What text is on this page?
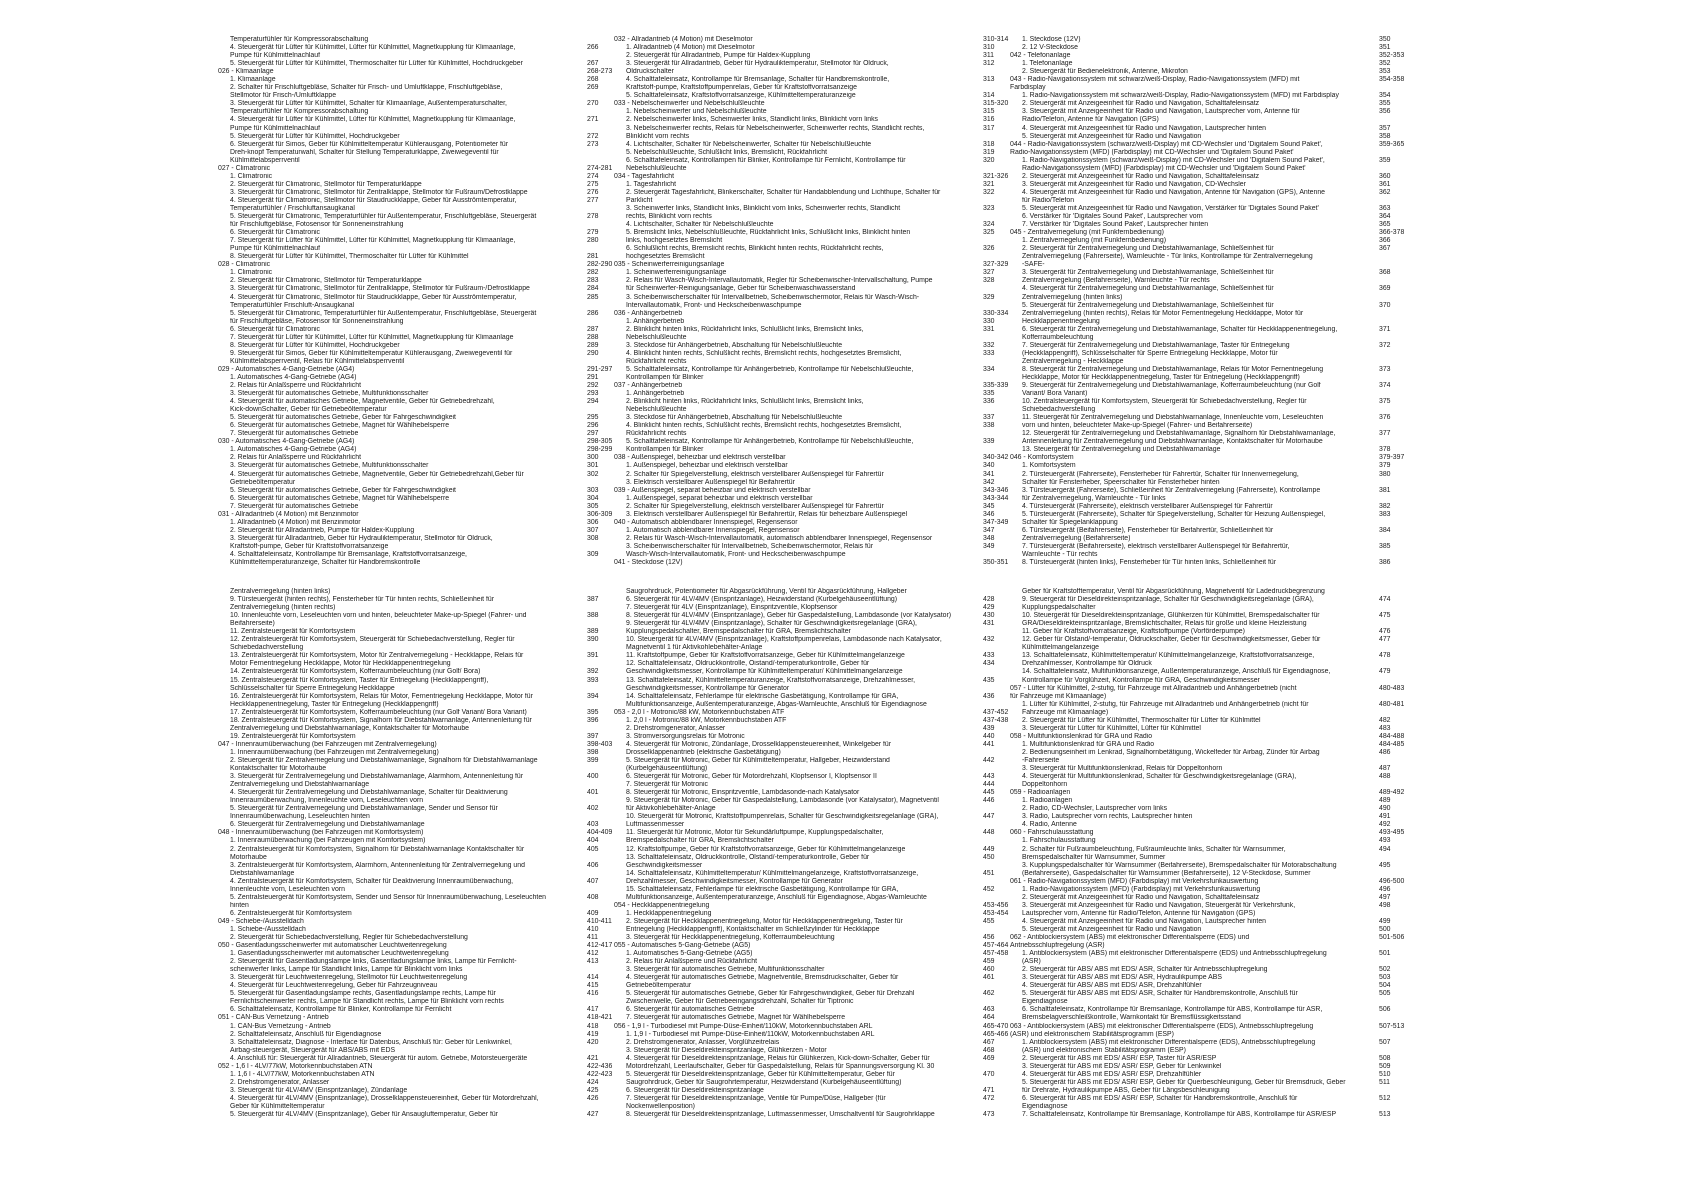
Temperaturfühler für Kompressorabschaltung
4. Steuergerät für Lüfter für Kühlmittel, Lüfter für Kühlmittel, Magnetkupplung für Klimaanlage,	266
Pumpe für Kühlmittelnachlauf
5. Steuergerät für Lüfter für Kühlmittel, Thermoschalter für Lüfter für Kühlmittel, Hochdruckgeber	267
026 - Klimaanlage	268-273
1. Klimaanlage	268
2. Schalter für Frischluftgebläse, Schalter für Frisch- und Umluftklappe, Frischluftgebläse,	269
Stellmotor für Frisch-/Umluftklappe
3. Steuergerät für Lüfter für Kühlmittel, Schalter für Klimaanlage, Außentemperaturschalter,	270
Temperaturfühler für Kompressorabschaltung
4. Steuergerät für Lüfter für Kühlmittel, Lüfter für Kühlmittel, Magnetkupplung für Klimaanlage,	271
Pumpe für Kühlmittelnachlauf
5. Steuergerät für Lüfter für Kühlmittel, Hochdruckgeber	272
6. Steuergerät für Simos, Geber für Kühlmitteltemperatur Kühlerausgang, Potentiometer für	273
Dreh-knopf Temperaturwahl, Schalter für Stellung Temperaturklappe, Zweiwegeventil für
Kühlmittelabsperrventil
027 - Climatronic	274-281
1. Climatronic	274
2. Steuergerät für Climatronic, Stellmotor für Temperaturklappe	275
3. Steuergerät für Climatronic, Stellmotor für Zentralklappe, Stellmotor für Fußraum/Defrostklappe	276
4. Steuergerät für Climatronic, Stellmotor für Staudruckklappe, Geber für Ausströmtemperatur,	277
Temperaturfühler / Frischluftansaugkanal
5. Steuergerät für Climatronic, Temperaturfühler für Außentemperatur, Frischluftgebläse, Steuergerät	278
für Frischluftgebläse, Fotosensor für Sonneneinstrahlung
6. Steuergerät für Climatronic	279
7. Steuergerät für Lüfter für Kühlmittel, Lüfter für Kühlmittel, Magnetkupplung für Klimaanlage,	280
Pumpe für Kühlmittelnachlauf
8. Steuergerät für Lüfter für Kühlmittel, Thermoschalter für Lüfter für Kühlmittel	281
028 - Climatronic	282-290
1. Climatronic	282
2. Steuergerät für Climatronic, Stellmotor für Temperaturklappe	283
3. Steuergerät für Climatronic, Stellmotor für Zentralklappe, Stellmotor für Fußraum-/Defrostklappe	284
4. Steuergerät für Climatronic, Stellmotor für Staudruckklappe, Geber für Ausströmtemperatur,	285
Temperaturfühler Frischluft-Ansaugkanal
5. Steuergerät für Climatronic, Temperaturfühler für Außentemperatur, Frischluftgebläse, Steuergerät	286
für Frischluftgebläse, Fotosensor für Sonneneinstrahlung
6. Steuergerät für Climatronic	287
7. Steuergerät für Lüfter für Kühlmittel, Lüfter für Kühlmittel, Magnetkupplung für Klimaanlage	288
8. Steuergerät für Lüfter für Kühlmittel, Hochdruckgeber	289
9. Steuergerät für Simos, Geber für Kühlmitteltemperatur Kühlerausgang, Zweiwegeventil für	290
Kühlmittelabsperrventil, Relais für Kühlmittelabsperrventil
029 - Automatisches 4-Gang-Getriebe (AG4)	291-297
1. Automatisches 4-Gang-Getriebe (AG4)	291
2. Relais für Anlaßsperre und Rückfahrlicht	292
3. Steuergerät für automatisches Getriebe, Multifunktionsschalter	293
4. Steuergerät für automatisches Getriebe, Magnetventile, Geber für Getriebedrehzahl,	294
Kick-downSchalter, Geber für Getriebeöltemperatur
5. Steuergerät für automatisches Getriebe, Geber für Fahrgeschwindigkeit	295
6. Steuergerät für automatisches Getriebe, Magnet für Wählhebelsperre	296
7. Steuergerät für automatisches Getriebe	297
030 - Automatisches 4-Gang-Getriebe (AG4)	298-305
1. Automatisches 4-Gang-Getriebe (AG4)	298-299
2. Relais für Anlaßsperre und Rückfahrlicht	300
3. Steuergerät für automatisches Getriebe, Multifunktionsschalter	301
4. Steuergerät für automatisches Getriebe, Magnetventile, Geber für Getriebedrehzahl,Geber für	302
Getriebeöltemperatur
5. Steuergerät für automatisches Getriebe, Geber für Fahrgeschwindigkeit	303
6. Steuergerät für automatisches Getriebe, Magnet für Wählhebelsperre	304
7. Steuergerät für automatisches Getriebe	305
031 - Allradantrieb (4 Motion) mit Benzinmotor	306-309
1. Allradantrieb (4 Motion) mit Benzinmotor	306
2. Steuergerät für Allradantrieb, Pumpe für Haldex-Kupplung	307
3. Steuergerät für Allradantrieb, Geber für Hydrauliktemperatur, Stellmotor für Öldruck,	308
Kraftstoff-pumpe, Geber für Kraftstoffvorratsanzeige
4. Schalttafeleinsatz, Kontrollampe für Bremsanlage, Kraftstoffvorratsanzeige,	309
Kühlmitteltemperaturanzeige, Schalter für Handbremskontrolle
032 - Allradantrieb (4 Motion) mit Dieselmotor	310-314
1. Allradantrieb (4 Motion) mit Dieselmotor	310
2. Steuergerät für Allradantrieb, Pumpe für Haldex-Kupplung	311
3. Steuergerät für Allradantrieb, Geber für Hydrauliktemperatur, Stellmotor für Öldruck,	312
Öldruckschalter
4. Schalttafeleinsatz, Kontrollampe für Bremsanlage, Schalter für Handbremskontrolle,	313
Kraftstoff-pumpe, Kraftstoffpumpenrelais, Geber für Kraftstoffvorratsanzeige
5. Schalttafeleinsatz, Kraftstoffvorratsanzeige, Kühlmitteltemperaturanzeige	314
033 - Nebelscheinwerfer und Nebelschlußleuchte	315-320
1. Nebelscheinwerfer und Nebelschlußleuchte	315
2. Nebelscheinwerfer links, Scheinwerfer links, Standlicht links, Blinklicht vorn links	316
3. Nebelscheinwerfer rechts, Relais für Nebelscheinwerfer, Scheinwerfer rechts, Standlicht rechts,	317
Blinklicht vorn rechts
4. Lichtschalter, Schalter für Nebelscheinwerfer, Schalter für Nebelschlußleuchte	318
5. Nebelschlußleuchte, Schlußlicht links, Bremslicht, Rückfahrlicht	319
6. Schalttafeleinsatz, Kontrollampen für Blinker, Kontrollampe für Fernlicht, Kontrollampe für	320
Nebelschlußleuchte
034 - Tagesfahrlicht	321-326
1. Tagesfahrlicht	321
2. Steuergerät Tagesfahrlicht, Blinkerschalter, Schalter für Handabblendung und Lichthupe, Schalter für	322
Parklicht
3. Scheinwerfer links, Standlicht links, Blinklicht vorn links, Scheinwerfer rechts, Standlicht	323
rechts, Blinklicht vorn rechts
4. Lichtschalter, Schalter für Nebelschlußleuchte	324
5. Bremslicht links, Nebelschlußleuchte, Rückfahrlicht links, Schlußlicht links, Blinklicht hinten	325
links, hochgesetztes Bremslicht
6. Schlußlicht rechts, Bremslicht rechts, Blinklicht hinten rechts, Rückfahrlicht rechts,	326
hochgesetztes Bremslicht
035 - Scheinwerferreinigungsanlage	327-329
1. Scheinwerferreinigungsanlage	327
2. Relais für Wasch-Wisch-Intervallautomatik, Regler für Scheibenwischer-Intervallschaltung, Pumpe	328
für Scheinwerfer-Reinigungsanlage, Geber für Scheibenwaschwasserstand
3. Scheibenwischerschalter für Intervallbetrieb, Scheibenwischermotor, Relais für Wasch-Wisch-	329
Intervallautomatik, Front- und Heckscheibenwaschpumpe
036 - Anhängerbetrieb	330-334
1. Anhängerbetrieb	330
2. Blinklicht hinten links, Rückfahrlicht links, Schlußlicht links, Bremslicht links,	331
Nebelschlußleuchte
3. Steckdose für Anhängerbetrieb, Abschaltung für Nebelschlußleuchte	332
4. Blinklicht hinten rechts, Schlußlicht rechts, Bremslicht rechts, hochgesetztes Bremslicht,	333
Rückfahrlicht rechts
5. Schalttafeleinsatz, Kontrollampe für Anhängerbetrieb, Kontrollampe für Nebelschlußleuchte,	334
Kontrollampen für Blinker
037 - Anhängerbetrieb	335-339
1. Anhängerbetrieb	335
2. Blinklicht hinten links, Rückfahrlicht links, Schlußlicht links, Bremslicht links,	336
Nebelschlußleuchte
3. Steckdose für Anhängerbetrieb, Abschaltung für Nebelschlußleuchte	337
4. Blinklicht hinten rechts, Schlußlicht rechts, Bremslicht rechts, hochgesetztes Bremslicht,	338
Rückfahrlicht rechts
5. Schalttafeleinsatz, Kontrollampe für Anhängerbetrieb, Kontrollampe für Nebelschlußleuchte,	339
Kontrollampen für Blinker
038 - Außenspiegel, beheizbar und elektrisch verstellbar	340-342
1. Außenspiegel, beheizbar und elektrisch verstellbar	340
2. Schalter für Spiegelverstellung, elektrisch verstellbarer Außenspiegel für Fahrertür	341
3. Elektrisch verstellbarer Außenspiegel für Beifahrertür	342
039 - Außenspiegel, separat beheizbar und elektrisch verstellbar	343-346
1. Außenspiegel, separat beheizbar und elektrisch verstellbar	343-344
2. Schalter für Spiegelverstellung, elektrisch verstellbarer Außenspiegel für Fahrertür	345
3. Elektrisch verstellbarer Außenspiegel für Beifahrertür, Relais für beheizbare Außenspiegel	346
040 - Automatisch abblendbarer Innenspiegel, Regensensor	347-349
1. Automatisch abblendbarer Innenspiegel, Regensensor	347
2. Relais für Wasch-Wisch-Intervallautomatik, automatisch abblendbarer Innenspiegel, Regensensor	348
3. Scheibenwischerschalter für Intervallbetrieb, Scheibenwischermotor, Relais für	349
Wasch-Wisch-Intervallautomatik, Front- und Heckscheibenwaschpumpe
041 - Steckdose (12V)	350-351
1. Steckdose (12V)	350
2. 12 V-Steckdose	351
042 - Telefonanlage	352-353
1. Telefonanlage	352
2. Steuergerät für Bedienelektronik, Antenne, Mikrofon	353
043 - Radio-Navigationssystem mit schwarz/weiß-Display, Radio-Navigationssystem (MFD) mit	354-358
Farbdisplay
1. Radio-Navigationssystem mit schwarz/weiß-Display, Radio-Navigationssystem (MFD) mit Farbdisplay	354
2. Steuergerät mit Anzeigeeinheit für Radio und Navigation, Schalttafeleinsatz	355
3. Steuergerät mit Anzeigeeinheit für Radio und Navigation, Lautsprecher vorn, Antenne für	356
Radio/Telefon, Antenne für Navigation (GPS)
4. Steuergerät mit Anzeigeeinheit für Radio und Navigation, Lautsprecher hinten	357
5. Steuergerät mit Anzeigeeinheit für Radio und Navigation	358
044 - Radio-Navigationssystem (schwarz/weiß-Display) mit CD-Wechsler und 'Digitalem Sound Paket',	359-365
Radio-Navigationssystem (MFD) (Farbdisplay) mit CD-Wechsler und 'Digitalem Sound Paket'
1. Radio-Navigationssystem (schwarz/weiß-Display) mit CD-Wechsler und 'Digitalem Sound Paket',	359
Radio-Navigationssystem (MFD) (Farbdisplay) mit CD-Wechsler und 'Digitalem Sound Paket'
2. Steuergerät mit Anzeigeeinheit für Radio und Navigation, Schalttafeleinsatz	360
3. Steuergerät mit Anzeigeeinheit für Radio und Navigation, CD-Wechsler	361
4. Steuergerät mit Anzeigeeinheit für Radio und Navigation, Antenne für Navigation (GPS), Antenne	362
für Radio/Telefon
5. Steuergerät mit Anzeigeeinheit für Radio und Navigation, Verstärker für 'Digitales Sound Paket'	363
6. Verstärker für 'Digitales Sound Paket', Lautsprecher vorn	364
7. Verstärker für 'Digitales Sound Paket', Lautsprecher hinten	365
045 - Zentralverriegelung (mit Funkfernbedienung)	366-378
1. Zentralverriegelung (mit Funkfernbedienung)	366
2. Steuergerät für Zentralverriegelung und Diebstahlwarnanlage, Schließeinheit für	367
Zentralverriegelung (Fahrerseite), Warnleuchte - Tür links, Kontrollampe für Zentralverriegelung
-SAFE-
3. Steuergerät für Zentralverriegelung und Diebstahlwarnanlage, Schließeinheit für	368
Zentralverriegelung (Beifahrerseite), Warnleuchte - Tür rechts
4. Steuergerät für Zentralverriegelung und Diebstahlwarnanlage, Schließeinheit für	369
Zentralverriegelung (hinten links)
5. Steuergerät für Zentralverriegelung und Diebstahlwarnanlage, Schließeinheit für	370
Zentralverriegelung (hinten rechts), Relais für Motor Fernentriegelung Heckklappe, Motor für
Heckklappenentriegelung
6. Steuergerät für Zentralverriegelung und Diebstahlwarnanlage, Schalter für Heckklappenentriegelung,	371
Kofferraumbeleuchtung
7. Steuergerät für Zentralverriegelung und Diebstahlwarnanlage, Taster für Entriegelung	372
(Heckklappengriff), Schlüsselschalter für Sperre Entriegelung Heckklappe, Motor für
Zentralverriegelung - Heckklappe
8. Steuergerät für Zentralverriegelung und Diebstahlwarnanlage, Relais für Motor Fernentriegelung	373
Heckklappe, Motor für Heckklappenentriegelung, Taster für Entriegelung (Heckklappengriff)
9. Steuergerät für Zentralverriegelung und Diebstahlwarnanlage, Kofferraumbeleuchtung (nur Golf	374
Variant/ Bora Variant)
10. Zentralsteuergerät für Komfortsystem, Steuergerät für Schiebedachverstellung, Regler für	375
Schiebedachverstellung
11. Steuergerät für Zentralverriegelung und Diebstahlwarnanlage, Innenleuchte vorn, Leseleuchten	376
vorn und hinten, beleuchteter Make-up-Spiegel (Fahrer- und Beifahrerseite)
12. Steuergerät für Zentralverriegelung und Diebstahlwarnanlage, Signalhorn für Diebstahlwarnanlage,	377
Antennenleitung für Zentralverriegelung und Diebstahlwarnanlage, Kontaktschalter für Motorhaube
13. Steuergerät für Zentralverriegelung und Diebstahlwarnanlage	378
046 - Komfortsystem	379-397
1. Komfortsystem	379
2. Türsteuergerät (Fahrerseite), Fensterheber für Fahrertür, Schalter für Innenverriegelung,	380
Schalter für Fensterheber, Speerschalter für Fensterheber hinten
3. Türsteuergerät (Fahrerseite), Schließeinheit für Zentralverriegelung (Fahrerseite), Kontrollampe	381
für Zentralverriegelung, Warnleuchte - Tür links
4. Türsteuergerät (Fahrerseite), elektrisch verstellbarer Außenspiegel für Fahrertür	382
5. Türsteuergerät (Fahrerseite), Schalter für Spiegelverstellung, Schalter für Heizung Außenspiegel,	383
Schalter für Spiegelanklappung
6. Türsteuergerät (Beifahrerseite), Fensterheber für Beifahrertür, Schließeinheit für	384
Zentralverriegelung (Beifahrerseite)
7. Türsteuergerät (Beifahrerseite), elektrisch verstellbarer Außenspiegel für Beifahrertür,	385
Warnleuchte - Tür rechts
8. Türsteuergerät (hinten links), Fensterheber für Tür hinten links, Schließeinheit für	386
Zentralverriegelung (hinten links)
9. Türsteuergerät (hinten rechts), Fensterheber für Tür hinten rechts, Schließeinheit für	387
Zentralverriegelung (hinten rechts)
10. Innenleuchte vorn, Leseleuchten vorn und hinten, beleuchteter Make-up-Spiegel (Fahrer- und	388
Beifahrerseite)
11. Zentralsteuergerät für Komfortsystem	389
12. Zentralsteuergerät für Komfortsystem, Steuergerät für Schiebedachverstellung, Regler für	390
Schiebedachverstellung
13. Zentralsteuergerät für Komfortsystem, Motor für Zentralverriegelung - Heckklappe, Relais für	391
Motor Fernentriegelung Heckklappe, Motor für Heckklappenentriegelung
14. Zentralsteuergerät für Komfortsystem, Kofferraumbeleuchtung (nur Golf/ Bora)	392
15. Zentralsteuergerät für Komfortsystem, Taster für Entriegelung (Heckklappengriff),	393
Schlüsselschalter für Sperre Entriegelung Heckklappe
16. Zentralsteuergerät für Komfortsystem, Relais für Motor, Fernentriegelung Heckklappe, Motor für	394
Heckklappenentriegelung, Taster für Entriegelung (Heckklappengriff)
17. Zentralsteuergerät für Komfortsystem, Kofferraumbeleuchtung (nur Golf Variant/ Bora Variant)	395
18. Zentralsteuergerät für Komfortsystem, Signalhorn für Diebstahlwarnanlage, Antennenleitung für	396
Zentralverriegelung und Diebstahlwarnanlage, Kontaktschalter für Motorhaube
19. Zentralsteuergerät für Komfortsystem	397
047 - Innenraumüberwachung (bei Fahrzeugen mit Zentralverriegelung)	398-403
1. Innenraumüberwachung (bei Fahrzeugen mit Zentralverriegelung)	398
2. Steuergerät für Zentralverriegelung und Diebstahlwarnanlage, Signalhorn für Diebstahlwarnanlage	399
Kontaktschalter für Motorhaube
3. Steuergerät für Zentralverriegelung und Diebstahlwarnanlage, Alarmhorn, Antennenleitung für	400
Zentralverriegelung und Diebstahlwarnanlage
4. Steuergerät für Zentralverriegelung und Diebstahlwarnanlage, Schalter für Deaktivierung	401
Innenraumüberwachung, Innenleuchte vorn, Leseleuchten vorn
5. Steuergerät für Zentralverriegelung und Diebstahlwarnanlage, Sender und Sensor für	402
Innenraumüberwachung, Leseleuchten hinten
6. Steuergerät für Zentralverriegelung und Diebstahlwarnanlage	403
048 - Innenraumüberwachung (bei Fahrzeugen mit Komfortsystem)	404-409
1. Innenraumüberwachung (bei Fahrzeugen mit Komfortsystem)	404
2. Zentralsteuergerät für Komfortsystem, Signalhorn für Diebstahlwarnanlage Kontaktschalter für	405
Motorhaube
3. Zentralsteuergerät für Komfortsystem, Alarmhorn, Antennenleitung für Zentralverriegelung und	406
Diebstahlwarnanlage
4. Zentralsteuergerät für Komfortsystem, Schalter für Deaktivierung Innenraumüberwachung,	407
Innenleuchte vorn, Leseleuchten vorn
5. Zentralsteuergerät für Komfortsystem, Sender und Sensor für Innenraumüberwachung, Leseleuchten	408
hinten
6. Zentralsteuergerät für Komfortsystem	409
049 - Schiebe-/Ausstelldach	410-411
1. Schiebe-/Ausstelldach	410
2. Steuergerät für Schiebedachverstellung, Regler für Schiebedachverstellung	411
050 - Gasentladungsscheinwerfer mit automatischer Leuchtweitenregelung	412-417
1. Gasentladungsscheinwerfer mit automatischer Leuchtweitenregelung	412
2. Steuergerät für Gasentladungslampe links, Gasentladungslampe links, Lampe für Fernlicht-	413
scheinwerfer links, Lampe für Standlicht links, Lampe für Blinklicht vorn links
3. Steuergerät für Leuchtweitenregelung, Stellmotor für Leuchtweitenregelung	414
4. Steuergerät für Leuchtweitenregelung, Geber für Fahrzeugniveau	415
5. Steuergerät für Gasentladungslampe rechts, Gasentladungslampe rechts, Lampe für	416
Fernlichtscheinwerfer rechts, Lampe für Standlicht rechts, Lampe für Blinklicht vorn rechts
6. Schalttafeleinsatz, Kontrollampe für Blinker, Kontrollampe für Fernlicht	417
051 - CAN-Bus Vernetzung - Antrieb	418-421
1. CAN-Bus Vernetzung - Antrieb	418
2. Schalttafeleinsatz, Anschluß für Eigendiagnose	419
3. Schalttafeleinsatz, Diagnose - Interface für Datenbus, Anschluß für: Geber für Lenkwinkel,	420
Airbag-steuergerät, Steuergerät für ABS/ABS mit EDS
4. Anschluß für: Steuergerät für Allradantrieb, Steuergerät für autom. Getriebe, Motorsteuergeräte	421
052 - 1,6 l - 4LV/77kW, Motorkennbuchstaben ATN	422-436
1. 1,6 l - 4LV/77kW, Motorkennbuchstaben ATN	422-423
2. Drehstromgenerator, Anlasser	424
3. Steuergerät für 4LV/4MV (Einspritzanlage), Zündanlage	425
4. Steuergerät für 4LV/4MV (Einspritzanlage), Drosselklappensteuereinheit, Geber für Motordrehzahl,	426
Geber für Kühlmitteltemperatur
5. Steuergerät für 4LV/4MV (Einspritzanlage), Geber für Ansaugluftemperatur, Geber für	427
Saugrohrdruck, Potentiometer für Abgasrückführung, Ventil für Abgasrückführung, Hallgeber
6. Steuergerät für 4LV/4MV (Einspritzanlage), Heizwiderstand (Kurbelgehäuseentlüftung)	428
7. Steuergerät für 4LV (Einspritzanlage), Einspritzventile, Klopfsensor	429
8. Steuergerät für 4LV/4MV (Einspritzanlage), Geber für Gaspedalstellung, Lambdasonde (vor Katalysator)	430
9. Steuergerät für 4LV/4MV (Einspritzanlage), Schalter für Geschwindigkeitsregelanlage (GRA),	431
Kupplungspedalschalter, Bremspedalschalter für GRA, Bremslichtschalter
10. Steuergerät für 4LV/4MV (Einspritzanlage), Kraftstoffpumpenrelais, Lambdasonde nach Katalysator,	432
Magnetventil 1 für Aktivkohlebehälter-Anlage
11. Kraftstoffpumpe, Geber für Kraftstoffvorratsanzeige, Geber für Kühlmittelmangelanzeige	433
12. Schalttafeleinsatz, Öldruckkontrolle, Öistand/-temperaturkontrolle, Geber für	434
Geschwindigkeitsmesser, Kontrollampe für Kühlmitteltemperatur/ Kühlmittelmangelanzeige
13. Schalttafeleinsatz, Kühlmitteltemperaturanzeige, Kraftstoffvorratsanzeige, Drehzahlmesser,	435
Geschwindigkeitsmesser, Kontrollampe für Generator
14. Schalttafeleinsatz, Fehlerlampe für elektrische Gasbetätigung, Kontrollampe für GRA,	436
Multifunktionsanzeige, Außentemperaturanzeige, Abgas-Warnleuchte, Anschluß für Eigendiagnose
053 - 2,0 l - Motronic/88 kW, Motorkennbuchstaben ATF	437-452
1. 2,0 l - Motronic/88 kW, Motorkennbuchstaben ATF	437-438
2. Drehstromgenerator, Anlasser	439
3. Stromversorgungsrelais für Motronic	440
4. Steuergerät für Motronic, Zündanlage, Drosselklappensteuereinheit, Winkelgeber für	441
Drosselklappenantrieb (elektrische Gasbetätigung)
5. Steuergerät für Motronic, Geber für Kühlmitteltemperatur, Hallgeber, Heizwiderstand	442
(Kurbelgehäuseentlüftung)
6. Steuergerät für Motronic, Geber für Motordrehzahl, Klopfsensor I, Klopfsensor II	443
7. Steuergerät für Motronic	444
8. Steuergerät für Motronic, Einspritzventile, Lambdasonde-nach Katalysator	445
9. Steuergerät für Motronic, Geber für Gaspedalstellung, Lambdasonde (vor Katalysator), Magnetventil	446
für Aktivkohlebehälter-Anlage
10. Steuergerät für Motronic, Kraftstoffpumpenrelais, Schalter für Geschwindigkeitsregelanlage (GRA),	447
Luftmassenmesser
11. Steuergerät für Motronic, Motor für Sekundärluftpumpe, Kupplungspedalschalter,	448
Bremspedalschalter für GRA, Bremslichtschalter
12. Kraftstoffpumpe, Geber für Kraftstoffvorratsanzeige, Geber für Kühlmittelmangelanzeige	449
13. Schalttafeleinsatz, Öldruckkontrolle, Ölstand/-temperaturkontrolle, Geber für	450
Geschwindigkeitsmesser
14. Schalttafeleinsatz, Kühlmitteltemperatur/ Kühlmittelmangelanzeige, Kraftstoffvorratsanzeige,	451
Drehzahlmesser, Geschwindigkeitsmesser, Kontrollampe für Generator
15. Schalttafeleinsatz, Fehlerlampe für elektrische Gasbetätigung, Kontrollampe für GRA,	452
Multifunktionsanzeige, Außentemperaturanzeige, Anschluß für Eigendiagnose, Abgas-Warnleuchte
054 - Heckklappenentriegelung	453-456
1. Heckklappenentriegelung	453-454
2. Steuergerät für Heckklappenentriegelung, Motor für Heckklappenentriegelung, Taster für	455
Entriegelung (Heckklappengriff), Kontaktschalter im Schließzylinder für Heckklappe
3. Steuergerät für Heckklappenentriegelung, Kofferraumbeleuchtung	456
055 - Automatisches 5-Gang-Getriebe (AG5)	457-464
1. Automatisches 5-Gang-Getriebe (AG5)	457-458
2. Relais für Anlaßsperre und Rückfahrlicht	459
3. Steuergerät für automatisches Getriebe, Multifunktionsschalter	460
4. Steuergerät für automatisches Getriebe, Magnetventile, Bremsdruckschalter, Geber für	461
Getriebeöltemperatur
5. Steuergerät für automatisches Getriebe, Geber für Fahrgeschwindigkeit, Geber für Drehzahl	462
Zwischenwelle, Geber für Getriebeeingangsdrehzahl, Schalter für Tiptronic
6. Steuergerät für automatisches Getriebe	463
7. Steuergerät für automatisches Getriebe, Magnet für Wählhebelsperre	464
056 - 1,9 l - Turbodiesel mit Pumpe-Düse-Einheit/110kW, Motorkennbuchstaben ARL	465-470
1. 1,9 l - Turbodiesel mit Pumpe-Düse-Einheit/110kW, Motorkennbuchstaben ARL	465-466
2. Drehstromgenerator, Anlasser, Vorglühzeitrelais	467
3. Steuergerät für Dieseldirekteinspritzanlage, Glühkerzen - Motor	468
4. Steuergerät für Dieseldirekteinspritzanlage, Relais für Glühkerzen, Kick-down-Schalter, Geber für	469
Motordrehzahl, Leerlaufschalter, Geber für Gaspedalstellung, Relais für Spannungsversorgung Kl. 30
5. Steuergerät für Dieseldirekteinspritzanlage, Geber für Kühlmitteltemperatur, Geber für	470
Saugrohrdruck, Geber für Saugrohrtemperatur, Heizwiderstand (Kurbelgehäuseentlüftung)
6. Steuergerät für Dieseldirekteinspritzanlage	471
7. Steuergerät für Dieseldirekteinspritzanlage, Ventile für Pumpe/Düse, Hallgeber (für	472
Nockenwellenposition)
8. Steuergerät für Dieseldirekteinspritzanlage, Luftmassenmesser, Umschaltventil für Saugrohrklappe	473
Geber für Kraftstofftemperatur, Ventil für Abgasrückführung, Magnetventil für Ladedruckbegrenzung
9. Steuergerät für Dieseldirekteinspritzanlage, Schalter für Geschwindigkeitsregelanlage (GRA),	474
Kupplungspedalschalter
10. Steuergerät für Dieseldirekteinspritzanlage, Glühkerzen für Kühlmittel, Bremspedalschalter für	475
GRA/Dieseldirekteinspritzanlage, Bremslichtschalter, Relais für große und kleine Heizleistung
11. Geber für Kraftstoffvorratsanzeige, Kraftstoffpumpe (Vorförderpumpe)	476
12. Geber für Ölstand/-temperatur, Öldruckschalter, Geber für Geschwindigkeitsmesser, Geber für	477
Kühlmittelmangelanzeige
13. Schalttafeleinsatz, Kühlmitteltemperatur/ Kühlmittelmangelanzeige, Kraftstoffvorratsanzeige,	478
Drehzahlmesser, Kontrollampe für Öldruck
14. Schalttafeleinsatz, Multifunktionsanzeige, Außentemperaturanzeige, Anschluß für Eigendiagnose,	479
Kontrollampe für Vorglühzeit, Kontrollampe für GRA, Geschwindigkeitsmesser
057 - Lüfter für Kühlmittel, 2-stufig, für Fahrzeuge mit Allradantrieb und Anhängerbetrieb (nicht	480-483
für Fahrzeuge mit Klimaanlage)
1. Lüfter für Kühlmittel, 2-stufig, für Fahrzeuge mit Allradantrieb und Anhängerbetrieb (nicht für	480-481
Fahrzeuge mit Klimaanlage)
2. Steuergerät für Lüfter für Kühlmittel, Thermoschalter für Lüfter für Kühlmittel	482
3. Steuergerät für Lüfter für Kühlmittel, Lüfter für Kühlmittel	483
058 - Multifunktionslenkrad für GRA und Radio	484-488
1. Multifunktionslenkrad für GRA und Radio	484-485
2. Bedienungseinheit im Lenkrad, Signalhornbetätigung, Wickelfeder für Airbag, Zünder für Airbag	486
-Fahrerseite
3. Steuergerät für Multifunktionslenkrad, Relais für Doppeltonhorn	487
4. Steuergerät für Multifunktionslenkrad, Schalter für Geschwindigkeitsregelanlage (GRA),	488
Doppeltonhorn
059 - Radioanlagen	489-492
1. Radioanlagen	489
2. Radio, CD-Wechsler, Lautsprecher vorn links	490
3. Radio, Lautsprecher vorn rechts, Lautsprecher hinten	491
4. Radio, Antenne	492
060 - Fahrschulausstattung	493-495
1. Fahrschulausstattung	493
2. Schalter für Fußraumbeleuchtung, Fußraumleuchte links, Schalter für Warnsummer,	494
Bremspedalschalter für Warnsummer, Summer
3. Kupplungspedalschalter für Warnsummer (Beifahrerseite), Bremspedalschalter für Motorabschaltung	495
(Beifahrerseite), Gaspedalschalter für Warnsummer (Beifahrerseite), 12 V-Steckdose, Summer
061 - Radio-Navigationssystem (MFD) (Farbdisplay) mit Verkehrsfunkauswertung	496-500
1. Radio-Navigationssystem (MFD) (Farbdisplay) mit Verkehrsfunkauswertung	496
2. Steuergerät mit Anzeigeeinheit für Radio und Navigation, Schalttafeleinsatz	497
3. Steuergerät mit Anzeigeeinheit für Radio und Navigation, Steuergerät für Verkehrsfunk,	498
Lautsprecher vorn, Antenne für Radio/Telefon, Antenne für Navigation (GPS)
4. Steuergerät mit Anzeigeeinheit für Radio und Navigation, Lautsprecher hinten	499
5. Steuergerät mit Anzeigeeinheit für Radio und Navigation	500
062 - Antiblockiersystem (ABS) mit elektronischer Differentialsperre (EDS) und	501-506
Antriebsschlupfregelung (ASR)
1. Antiblockiersystem (ABS) mit elektronischer Differentialsperre (EDS) und Antriebsschlupfregelung	501
(ASR)
2. Steuergerät für ABS/ ABS mit EDS/ ASR, Schalter für Antriebsschlupfregelung	502
3. Steuergerät für ABS/ ABS mit EDS/ ASR, Hydraulikpumpe ABS	503
4. Steuergerät für ABS/ ABS mit EDS/ ASR, Drehzahlfühler	504
5. Steuergerät für ABS/ ABS mit EDS/ ASR, Schalter für Handbremskontrolle, Anschluß für	505
Eigendiagnose
6. Schalttafeleinsatz, Kontrollampe für Bremsanlage, Kontrollampe für ABS, Kontrollampe für ASR,	506
Bremsbelagverschleißkontrolle, Warnkontakt für Bremsflüssigkeitsstand
063 - Antiblockiersystem (ABS) mit elektronischer Differentialsperre (EDS), Antriebsschlupfregelung	507-513
(ASR) und elektronischem Stabilitätsprogramm (ESP)
1. Antiblockiersystem (ABS) mit elektronischer Differentialsperre (EDS), Antriebsschlupfregelung	507
(ASR) und elektronischem Stabilitätsprogramm (ESP)
2. Steuergerät für ABS mit EDS/ ASR/ ESP, Taster für ASR/ESP	508
3. Steuergerät für ABS mit EDS/ ASR/ ESP, Geber für Lenkwinkel	509
4. Steuergerät für ABS mit EDS/ ASR/ ESP, Drehzahlfühler	510
5. Steuergerät für ABS mit EDS/ ASR/ ESP, Geber für Querbeschleunigung, Geber für Bremsdruck, Geber	511
für Drehrate, Hydraulikpumpe ABS, Geber für Längsbeschleunigung
6. Steuergerät für ABS mit EDS/ ASR/ ESP, Schalter für Handbremskontrolle, Anschluß für	512
Eigendiagnose
7. Schalttafeleinsatz, Kontrollampe für Bremsanlage, Kontrollampe für ABS, Kontrollampe für ASR/ESP	513
